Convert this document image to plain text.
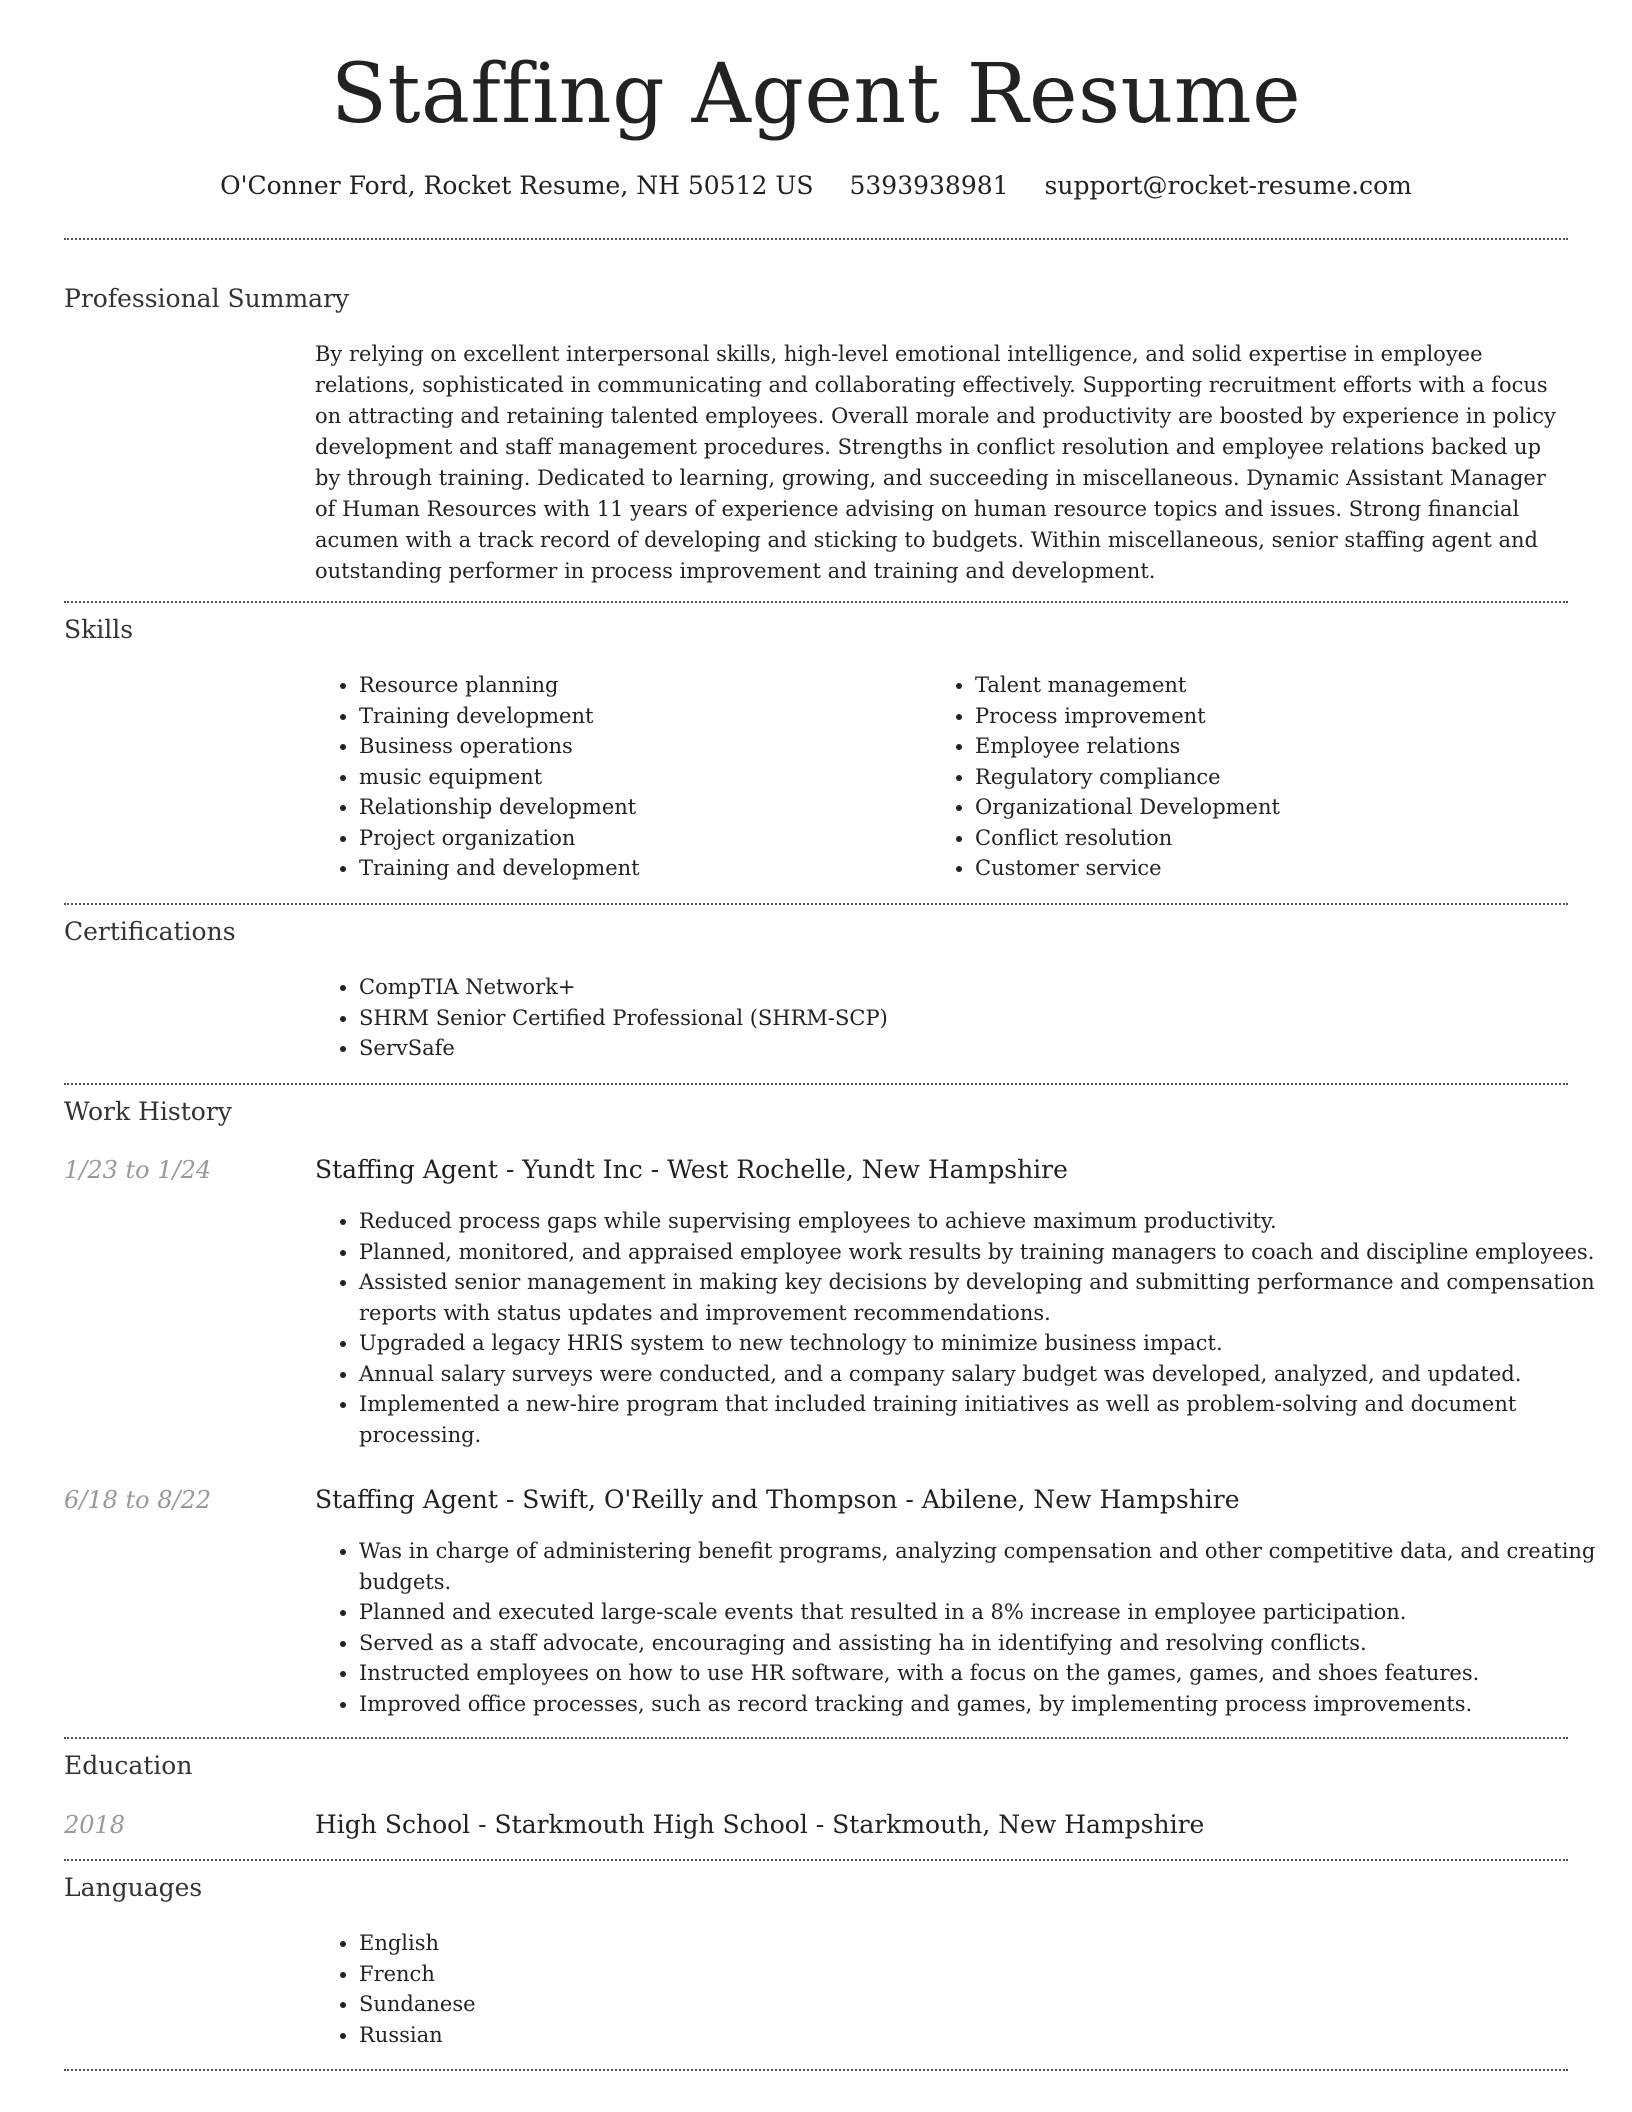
Staffing Agent Resume
O'Conner Ford, Rocket Resume, NH 50512 US 5393938981 support@rocket-resume.com
Professional Summary
By relying on excellent interpersonal skills, high-level emotional intelligence, and solid expertise in employee relations, sophisticated in communicating and collaborating effectively. Supporting recruitment efforts with a focus on attracting and retaining talented employees. Overall morale and productivity are boosted by experience in policy development and staff management procedures. Strengths in conflict resolution and employee relations backed up by through training. Dedicated to learning, growing, and succeeding in miscellaneous. Dynamic Assistant Manager of Human Resources with 11 years of experience advising on human resource topics and issues. Strong financial acumen with a track record of developing and sticking to budgets. Within miscellaneous, senior staffing agent and outstanding performer in process improvement and training and development.
Skills
• Resource planning
• Training development
• Business operations
• music equipment
• Relationship development
• Project organization
• Training and development
• Talent management
• Process improvement
• Employee relations
• Regulatory compliance
• Organizational Development
• Conflict resolution
• Customer service
Certifications
• CompTIA Network+
• SHRM Senior Certified Professional (SHRM-SCP)
• ServSafe
Work History
1/23 to 1/24	Staffing Agent - Yundt Inc - West Rochelle, New Hampshire
• Reduced process gaps while supervising employees to achieve maximum productivity.
• Planned, monitored, and appraised employee work results by training managers to coach and discipline employees.
• Assisted senior management in making key decisions by developing and submitting performance and compensation reports with status updates and improvement recommendations.
• Upgraded a legacy HRIS system to new technology to minimize business impact.
• Annual salary surveys were conducted, and a company salary budget was developed, analyzed, and updated.
• Implemented a new-hire program that included training initiatives as well as problem-solving and document processing.
6/18 to 8/22	Staffing Agent - Swift, O'Reilly and Thompson - Abilene, New Hampshire
• Was in charge of administering benefit programs, analyzing compensation and other competitive data, and creating budgets.
• Planned and executed large-scale events that resulted in a 8% increase in employee participation.
• Served as a staff advocate, encouraging and assisting ha in identifying and resolving conflicts.
• Instructed employees on how to use HR software, with a focus on the games, games, and shoes features.
• Improved office processes, such as record tracking and games, by implementing process improvements.
Education
2018	High School - Starkmouth High School - Starkmouth, New Hampshire
Languages
• English
• French
• Sundanese
• Russian
